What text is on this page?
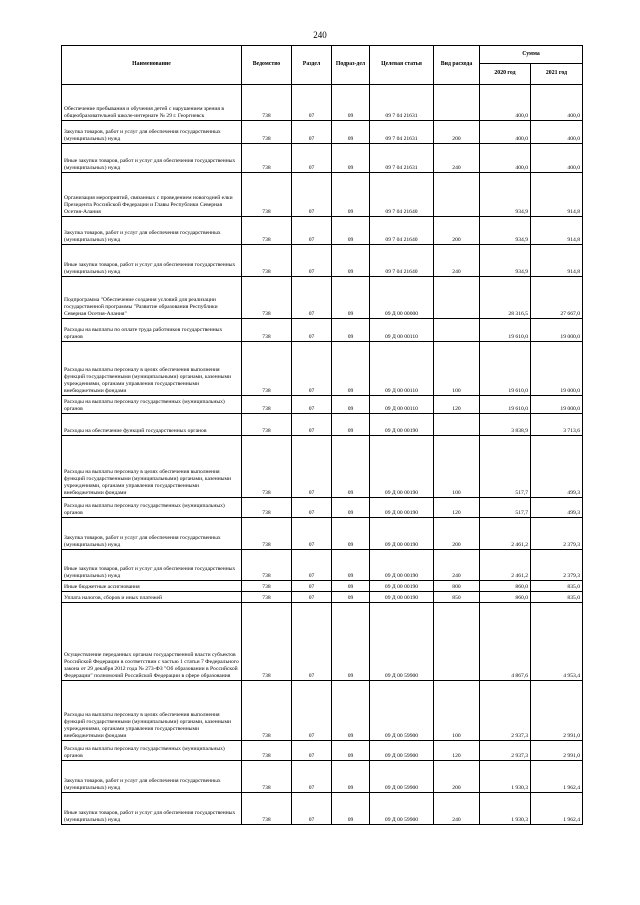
240
Наименование	Ведомство	Раздел	Подраз-дел	Целевая статья	Вид расхода	Сумма	
						2020 год	2021 год
Обеспечение пребывания и обучения детей с нарушением зрения в общеобразовательной школе-интернате № 29 г. Георгиевск	738	07	09	09 7 04 21631		400,0	400,0
Закупка товаров, работ и услуг для обеспечения государственных (муниципальных) нужд	738	07	09	09 7 04 21631	200	400,0	400,0
Иные закупки товаров, работ и услуг для обеспечения государственных (муниципальных) нужд	738	07	09	09 7 04 21631	240	400,0	400,0
Организация мероприятий, связанных с проведением новогодней елки Президента Российской Федерации и Главы Республики Северная Осетия-Алания	738	07	09	09 7 04 21640		934,9	914,8
Закупка товаров, работ и услуг для обеспечения государственных (муниципальных) нужд	738	07	09	09 7 04 21640	200	934,9	914,8
Иные закупки товаров, работ и услуг для обеспечения государственных (муниципальных) нужд	738	07	09	09 7 04 21640	240	934,9	914,8
Подпрограмма "Обеспечение создания условий для реализации государственной программы "Развитие образования Республики Северная Осетия-Алания"	738	07	09	09 Д 00 00000		28 316,5	27 667,0
Расходы на выплаты по оплате труда работников государственных органов	738	07	09	09 Д 00 00110		19 610,0	19 000,0
Расходы на выплаты персоналу в целях обеспечения выполнения функций государственными (муниципальными) органами, казенными учреждениями, органами управления государственными внебюджетными фондами	738	07	09	09 Д 00 00110	100	19 610,0	19 000,0
Расходы на выплаты персоналу государственных (муниципальных) органов	738	07	09	09 Д 00 00110	120	19 610,0	19 000,0
Расходы на обеспечение функций государственных органов	738	07	09	09 Д 00 00190		3 838,9	3 713,6
Расходы на выплаты персоналу в целях обеспечения выполнения функций государственными (муниципальными) органами, казенными учреждениями, органами управления государственными внебюджетными фондами	738	07	09	09 Д 00 00190	100	517,7	499,3
Расходы на выплаты персоналу государственных (муниципальных) органов	738	07	09	09 Д 00 00190	120	517,7	499,3
Закупка товаров, работ и услуг для обеспечения государственных (муниципальных) нужд	738	07	09	09 Д 00 00190	200	2 461,2	2 379,3
Иные закупки товаров, работ и услуг для обеспечения государственных (муниципальных) нужд	738	07	09	09 Д 00 00190	240	2 461,2	2 379,3
Иные бюджетные ассигнования	738	07	09	09 Д 00 00190	800	860,0	835,0
Уплата налогов, сборов и иных платежей	738	07	09	09 Д 00 00190	850	860,0	835,0
Осуществление переданных органам государственной власти субъектов Российской Федерации в соответствии с частью 1 статьи 7 Федерального закона от 29 декабря 2012 года № 273-ФЗ "Об образовании в Российской Федерации" полномочий Российской Федерации в сфере образования	738	07	09	09 Д 00 59900		4 867,6	4 953,4
Расходы на выплаты персоналу в целях обеспечения выполнения функций государственными (муниципальными) органами, казенными учреждениями, органами управления государственными внебюджетными фондами	738	07	09	09 Д 00 59900	100	2 937,3	2 991,0
Расходы на выплаты персоналу государственных (муниципальных) органов	738	07	09	09 Д 00 59900	120	2 937,3	2 991,0
Закупка товаров, работ и услуг для обеспечения государственных (муниципальных) нужд	738	07	09	09 Д 00 59900	200	1 930,3	1 962,4
Иные закупки товаров, работ и услуг для обеспечения государственных (муниципальных) нужд	738	07	09	09 Д 00 59900	240	1 930,3	1 962,4
